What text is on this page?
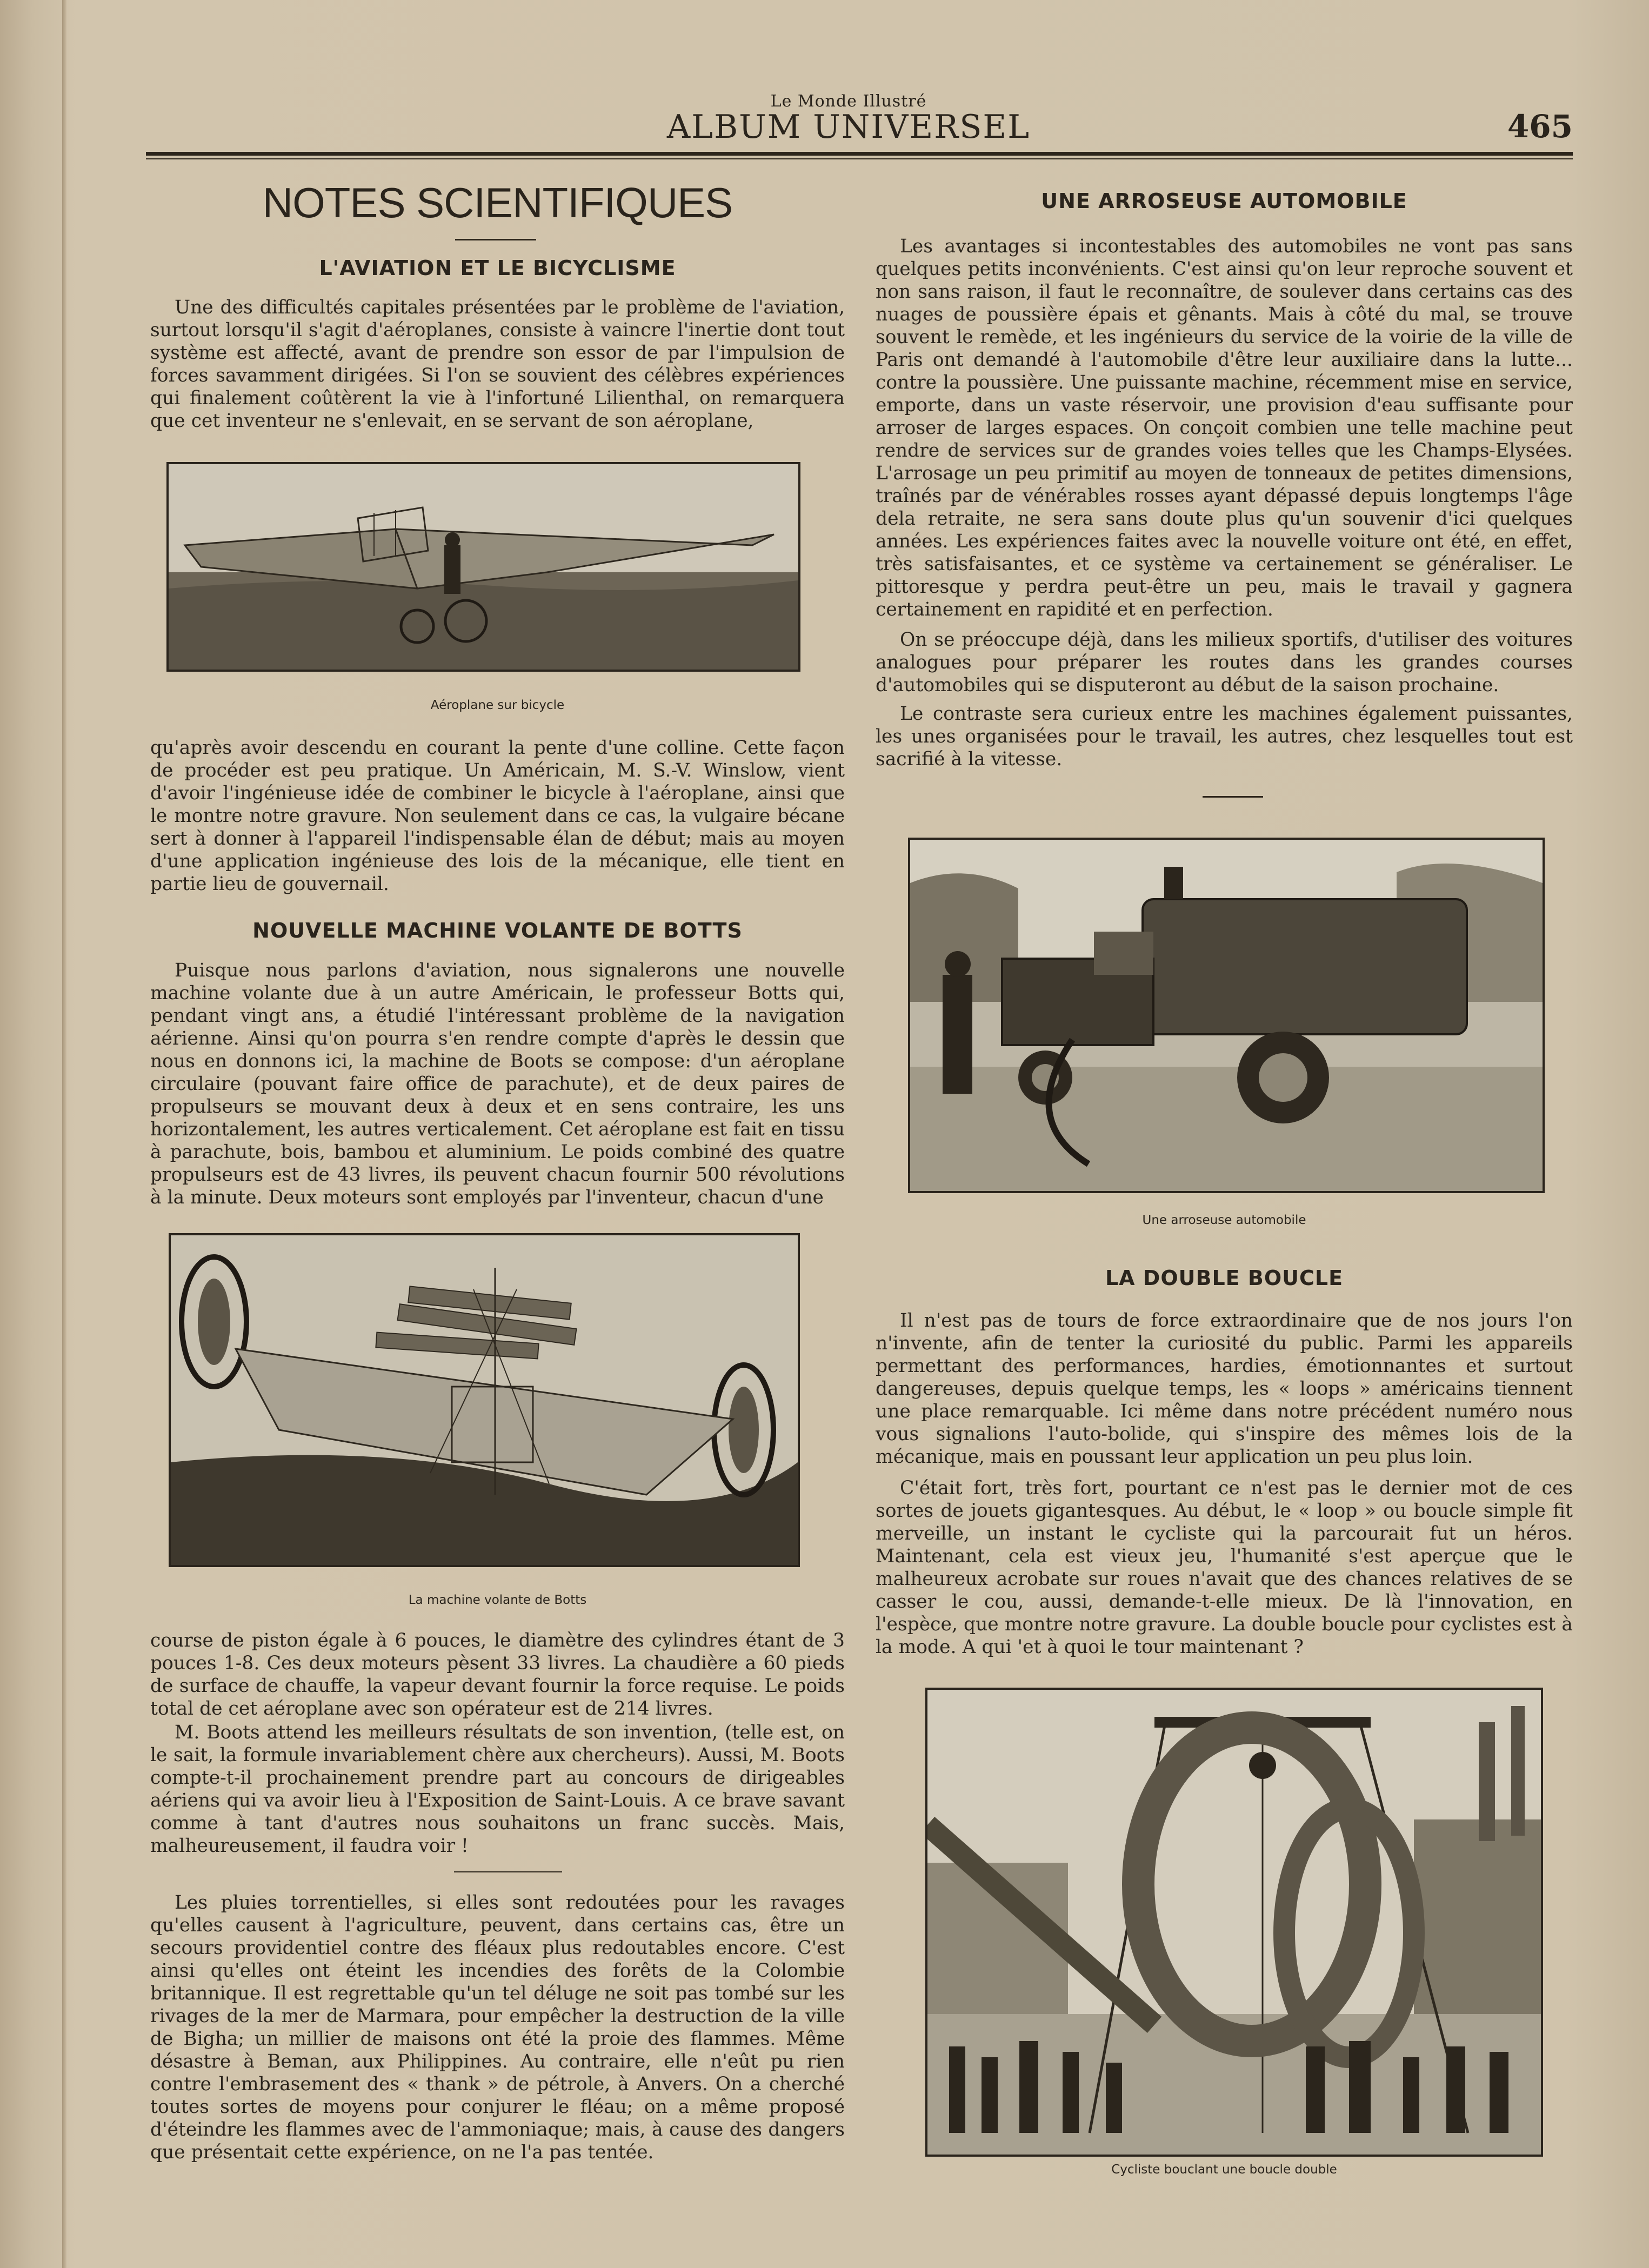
Le Monde Illustré
ALBUM UNIVERSEL	465
NOTES SCIENTIFIQUES
L'AVIATION ET LE BICYCLISME

Une des difficultés capitales présentées par le problème de l'aviation, surtout lorsqu'il s'agit d'aéroplanes, consiste à vaincre l'inertie dont tout système est affecté, avant de prendre son essor de par l'impulsion de forces savamment dirigées. Si l'on se souvient des célèbres expériences qui finalement coûtèrent la vie à l'infortuné Lilienthal, on remarquera que cet inventeur ne s'enlevait, en se servant de son aéroplane,

Aéroplane sur bicycle

qu'après avoir descendu en courant la pente d'une colline. Cette façon de procéder est peu pratique. Un Américain, M. S.-V. Winslow, vient d'avoir l'ingénieuse idée de combiner le bicycle à l'aéroplane, ainsi que le montre notre gravure. Non seulement dans ce cas, la vulgaire bécane sert à donner à l'appareil l'indispensable élan de début; mais au moyen d'une application ingénieuse des lois de la mécanique, elle tient en partie lieu de gouvernail.

NOUVELLE MACHINE VOLANTE DE BOTTS

Puisque nous parlons d'aviation, nous signalerons une nouvelle machine volante due à un autre Américain, le professeur Botts qui, pendant vingt ans, a étudié l'intéressant problème de la navigation aérienne. Ainsi qu'on pourra s'en rendre compte d'après le dessin que nous en donnons ici, la machine de Boots se compose: d'un aéroplane circulaire (pouvant faire office de parachute), et de deux paires de propulseurs se mouvant deux à deux et en sens contraire, les uns horizontalement, les autres verticalement. Cet aéroplane est fait en tissu à parachute, bois, bambou et aluminium. Le poids combiné des quatre propulseurs est de 43 livres, ils peuvent chacun fournir 500 révolutions à la minute. Deux moteurs sont employés par l'inventeur, chacun d'une

La machine volante de Botts

course de piston égale à 6 pouces, le diamètre des cylindres étant de 3 pouces 1-8. Ces deux moteurs pèsent 33 livres. La chaudière a 60 pieds de surface de chauffe, la vapeur devant fournir la force requise. Le poids total de cet aéroplane avec son opérateur est de 214 livres.

M. Boots attend les meilleurs résultats de son invention, (telle est, on le sait, la formule invariablement chère aux chercheurs). Aussi, M. Boots compte-t-il prochainement prendre part au concours de dirigeables aériens qui va avoir lieu à l'Exposition de Saint-Louis. A ce brave savant comme à tant d'autres nous souhaitons un franc succès. Mais, malheureusement, il faudra voir !

Les pluies torrentielles, si elles sont redoutées pour les ravages qu'elles causent à l'agriculture, peuvent, dans certains cas, être un secours providentiel contre des fléaux plus redoutables encore. C'est ainsi qu'elles ont éteint les incendies des forêts de la Colombie britannique. Il est regrettable qu'un tel déluge ne soit pas tombé sur les rivages de la mer de Marmara, pour empêcher la destruction de la ville de Bigha; un millier de maisons ont été la proie des flammes. Même désastre à Beman, aux Philippines. Au contraire, elle n'eût pu rien contre l'embrasement des « thank » de pétrole, à Anvers. On a cherché toutes sortes de moyens pour conjurer le fléau; on a même proposé d'éteindre les flammes avec de l'ammoniaque; mais, à cause des dangers que présentait cette expérience, on ne l'a pas tentée.

UNE ARROSEUSE AUTOMOBILE

Les avantages si incontestables des automobiles ne vont pas sans quelques petits inconvénients. C'est ainsi qu'on leur reproche souvent et non sans raison, il faut le reconnaître, de soulever dans certains cas des nuages de poussière épais et gênants. Mais à côté du mal, se trouve souvent le remède, et les ingénieurs du service de la voirie de la ville de Paris ont demandé à l'automobile d'être leur auxiliaire dans la lutte... contre la poussière. Une puissante machine, récemment mise en service, emporte, dans un vaste réservoir, une provision d'eau suffisante pour arroser de larges espaces. On conçoit combien une telle machine peut rendre de services sur de grandes voies telles que les Champs-Elysées. L'arrosage un peu primitif au moyen de tonneaux de petites dimensions, traînés par de vénérables rosses ayant dépassé depuis longtemps l'âge dela retraite, ne sera sans doute plus qu'un souvenir d'ici quelques années. Les expériences faites avec la nouvelle voiture ont été, en effet, très satisfaisantes, et ce système va certainement se généraliser. Le pittoresque y perdra peut-être un peu, mais le travail y gagnera certainement en rapidité et en perfection.

On se préoccupe déjà, dans les milieux sportifs, d'utiliser des voitures analogues pour préparer les routes dans les grandes courses d'automobiles qui se disputeront au début de la saison prochaine.

Le contraste sera curieux entre les machines également puissantes, les unes organisées pour le travail, les autres, chez lesquelles tout est sacrifié à la vitesse.

Une arroseuse automobile
LA DOUBLE BOUCLE

Il n'est pas de tours de force extraordinaire que de nos jours l'on n'invente, afin de tenter la curiosité du public. Parmi les appareils permettant des performances, hardies, émotionnantes et surtout dangereuses, depuis quelque temps, les « loops » américains tiennent une place remarquable. Ici même dans notre précédent numéro nous vous signalions l'auto-bolide, qui s'inspire des mêmes lois de la mécanique, mais en poussant leur application un peu plus loin.

C'était fort, très fort, pourtant ce n'est pas le dernier mot de ces sortes de jouets gigantesques. Au début, le « loop » ou boucle simple fit merveille, un instant le cycliste qui la parcourait fut un héros. Maintenant, cela est vieux jeu, l'humanité s'est aperçue que le malheureux acrobate sur roues n'avait que des chances relatives de se casser le cou, aussi, demande-t-elle mieux. De là l'innovation, en l'espèce, que montre notre gravure. La double boucle pour cyclistes est à la mode. A qui 'et à quoi le tour maintenant ?

Cycliste bouclant une boucle double
